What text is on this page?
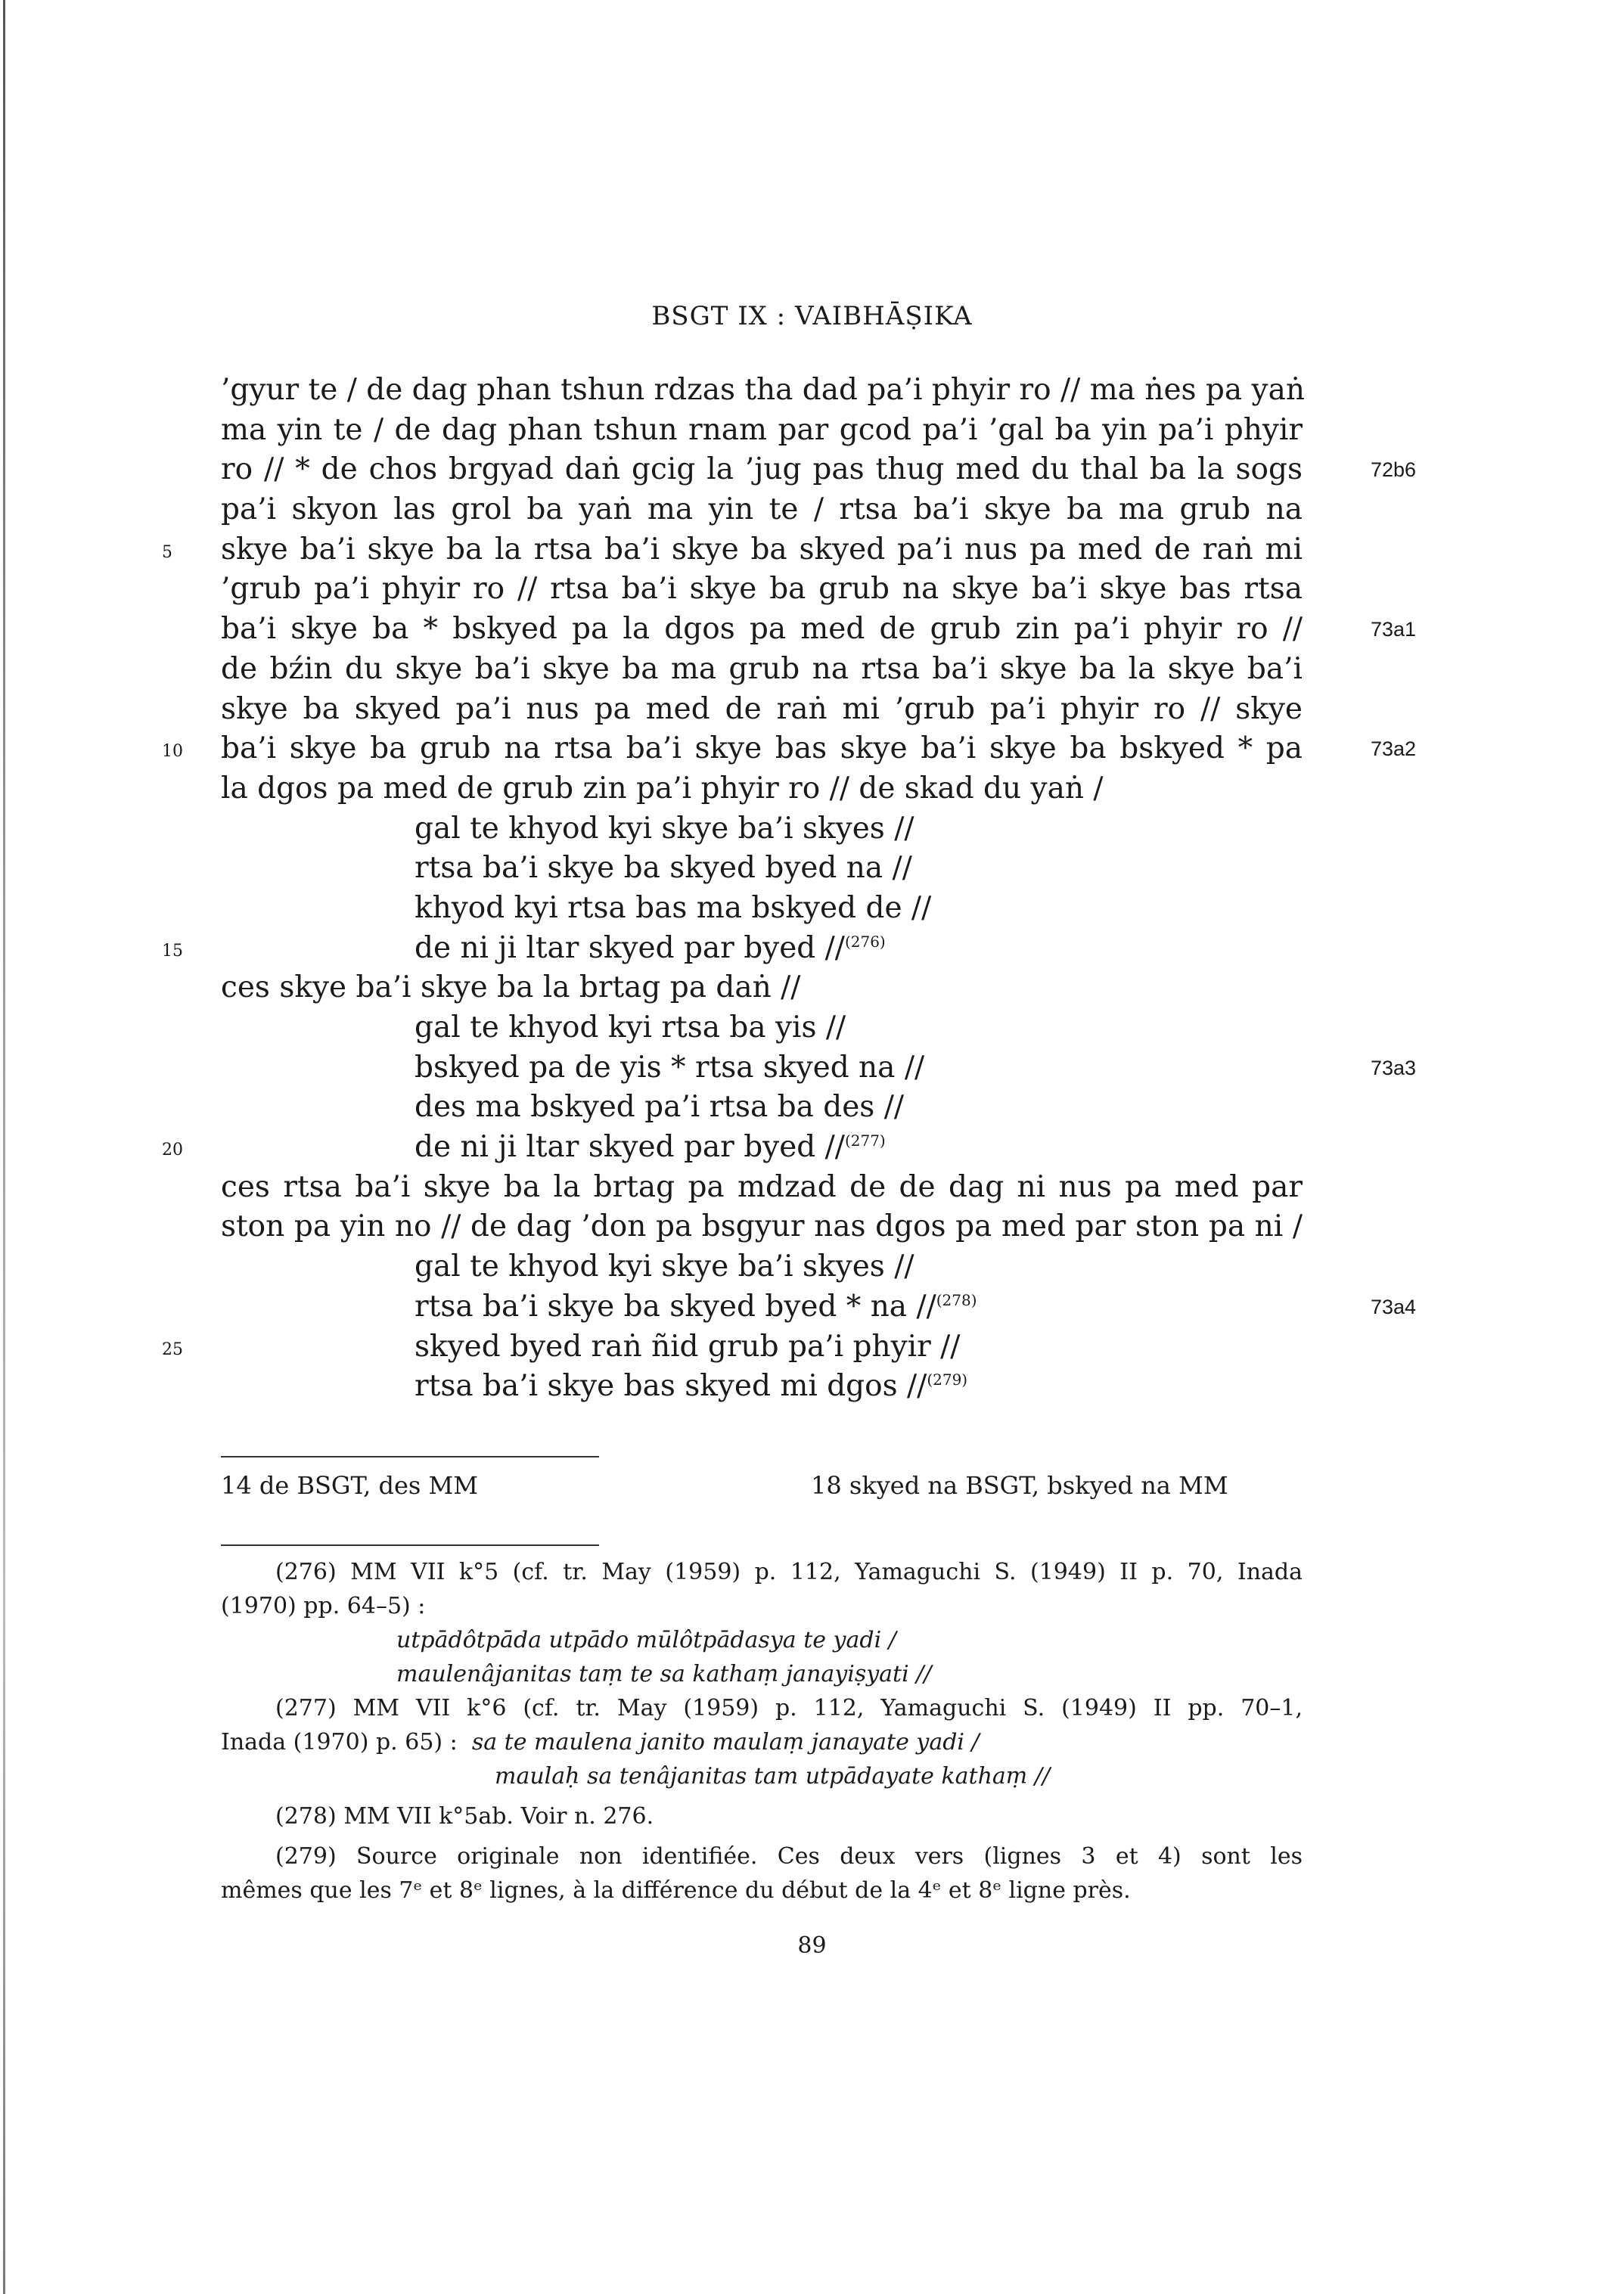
BSGT IX : VAIBHĀṢIKA
’gyur te / de dag phan tshun rdzas tha dad pa’i phyir ro // ma ṅes pa yaṅ
ma yin te / de dag phan tshun rnam par gcod pa’i ’gal ba yin pa’i phyir
ro // * de chos brgyad daṅ gcig la ’jug pas thug med du thal ba la sogs	72b6
pa’i skyon las grol ba yaṅ ma yin te / rtsa ba’i skye ba ma grub na
skye ba’i skye ba la rtsa ba’i skye ba skyed pa’i nus pa med de raṅ mi
5
’grub pa’i phyir ro // rtsa ba’i skye ba grub na skye ba’i skye bas rtsa
ba’i skye ba * bskyed pa la dgos pa med de grub zin pa’i phyir ro //	73a1
de bźin du skye ba’i skye ba ma grub na rtsa ba’i skye ba la skye ba’i
skye ba skyed pa’i nus pa med de raṅ mi ’grub pa’i phyir ro // skye
ba’i skye ba grub na rtsa ba’i skye bas skye ba’i skye ba bskyed * pa
10	73a2
la dgos pa med de grub zin pa’i phyir ro // de skad du yaṅ /
gal te khyod kyi skye ba’i skyes //
rtsa ba’i skye ba skyed byed na //
khyod kyi rtsa bas ma bskyed de //
de ni ji ltar skyed par byed //$^{(276)}$
15
ces skye ba’i skye ba la brtag pa daṅ //
gal te khyod kyi rtsa ba yis //
bskyed pa de yis * rtsa skyed na //	73a3
des ma bskyed pa’i rtsa ba des //
de ni ji ltar skyed par byed //$^{(277)}$
20
ces rtsa ba’i skye ba la brtag pa mdzad de de dag ni nus pa med par
ston pa yin no // de dag ’don pa bsgyur nas dgos pa med par ston pa ni /
gal te khyod kyi skye ba’i skyes //
rtsa ba’i skye ba skyed byed * na //$^{(278)}$	73a4
skyed byed raṅ ñid grub pa’i phyir //
25
rtsa ba’i skye bas skyed mi dgos //$^{(279)}$
14 de BSGT, des MM	18 skyed na BSGT, bskyed na MM
(276) MM VII k°5 (cf. tr. May (1959) p. 112, Yamaguchi S. (1949) II p. 70, Inada
(1970) pp. 64–5) :
utpādôtpāda utpādo mūlôtpādasya te yadi /
maulenâjanitas taṃ te sa kathaṃ janayiṣyati //
(277) MM VII k°6 (cf. tr. May (1959) p. 112, Yamaguchi S. (1949) II pp. 70–1,
Inada (1970) p. 65) : sa te maulena janito maulaṃ janayate yadi /
maulaḥ sa tenâjanitas tam utpādayate kathaṃ //
(278) MM VII k°5ab. Voir n. 276.
(279) Source originale non identifiée. Ces deux vers (lignes 3 et 4) sont les
mêmes que les 7ᵉ et 8ᵉ lignes, à la différence du début de la 4ᵉ et 8ᵉ ligne près.
89
